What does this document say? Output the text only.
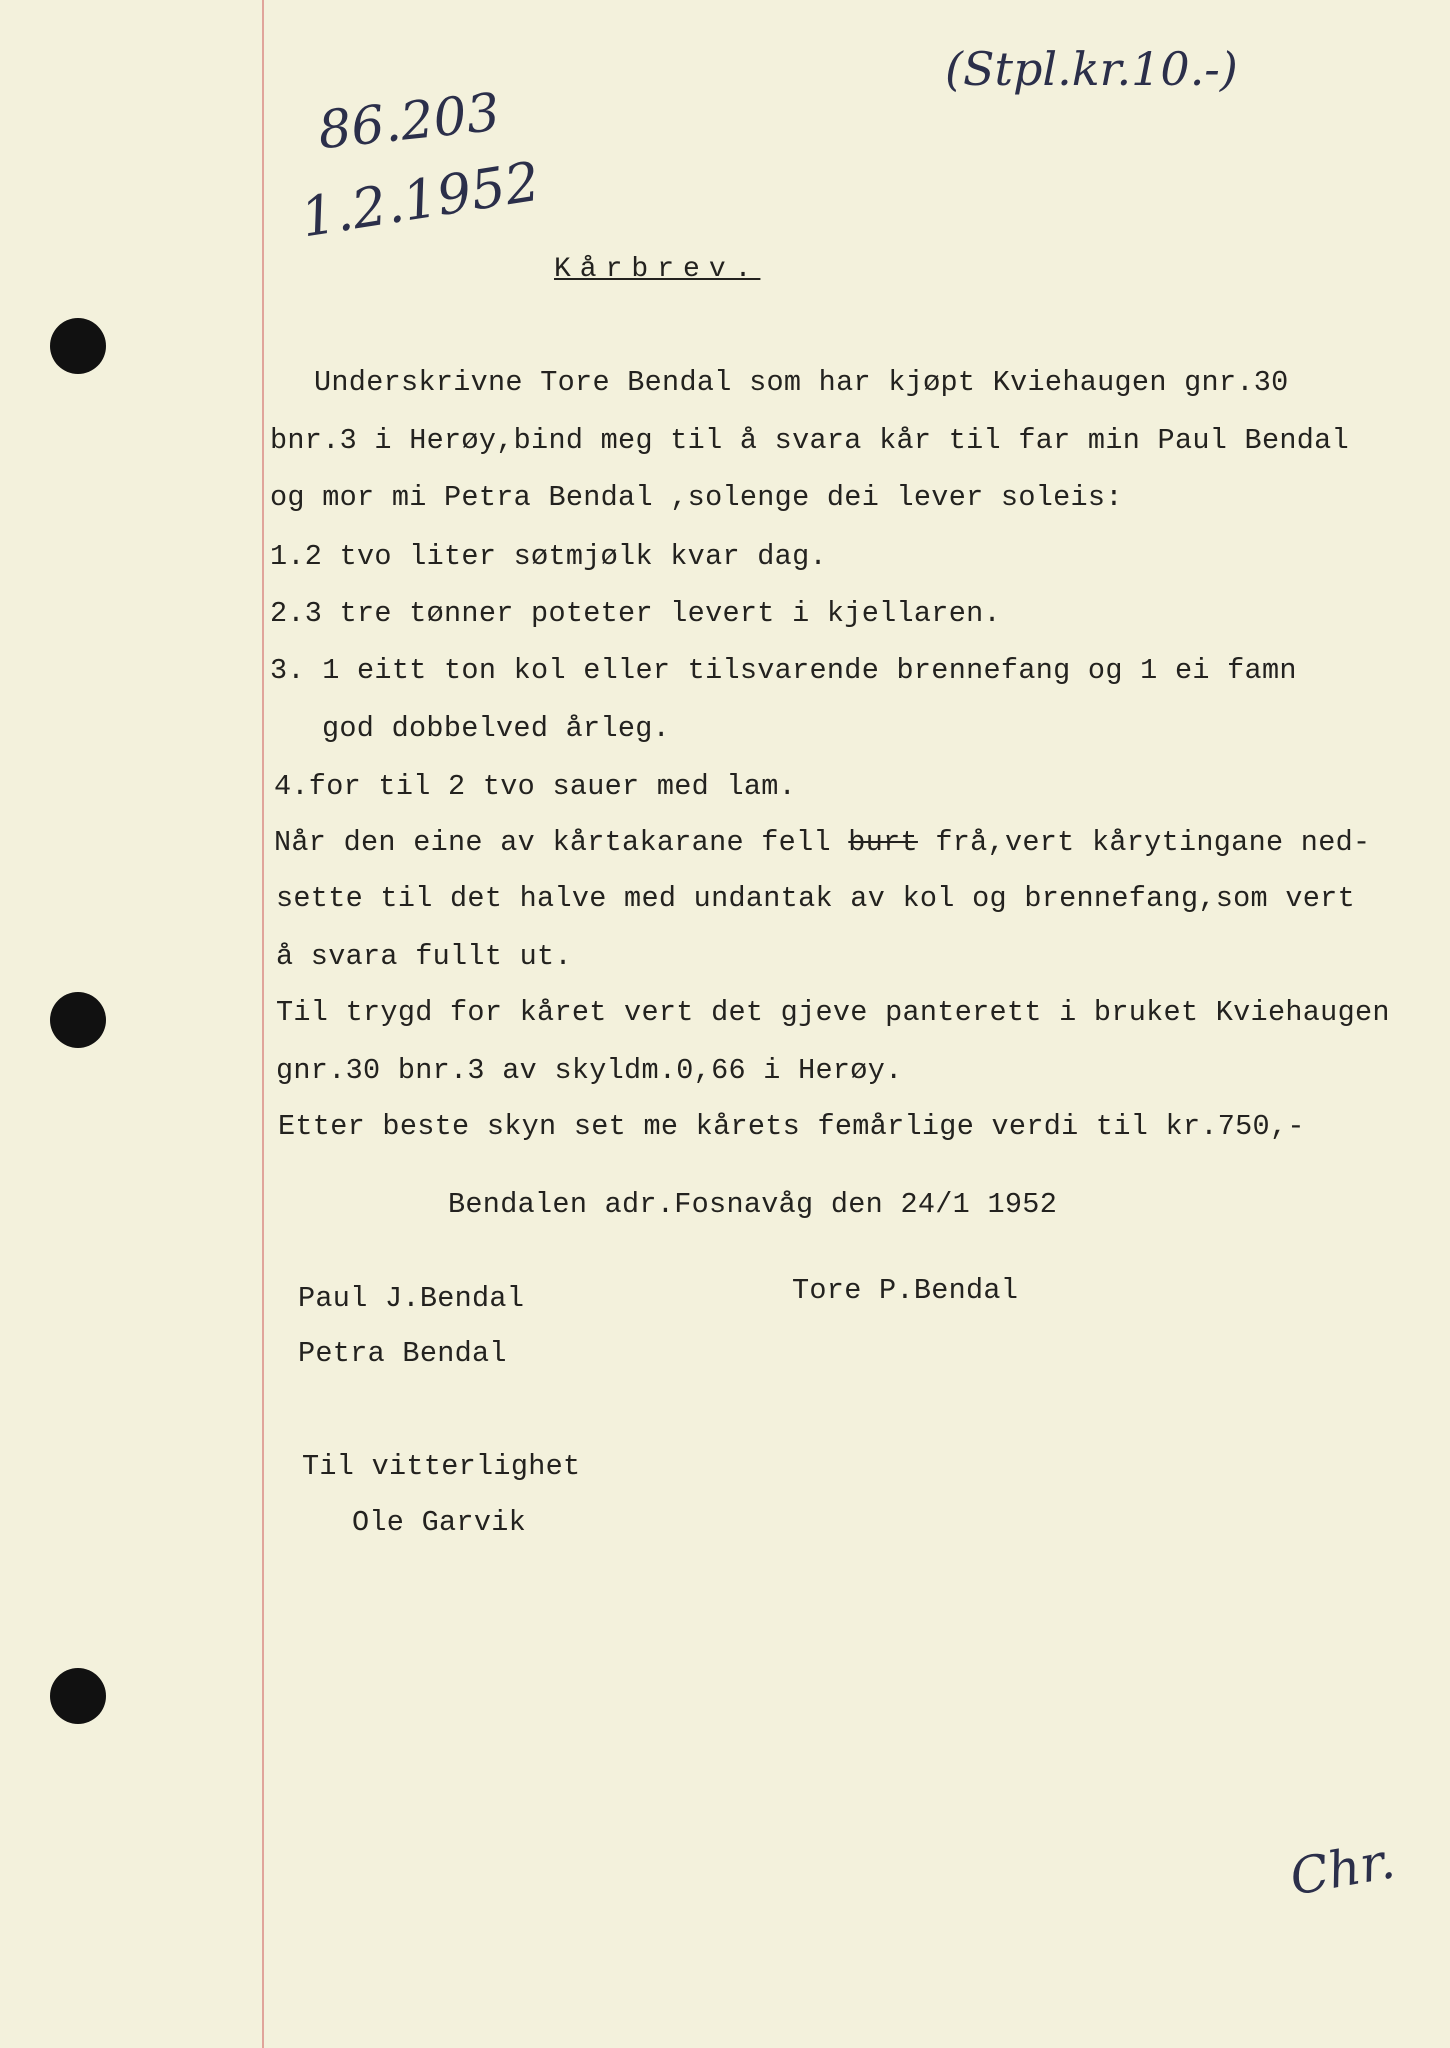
86.203
1.2.1952
(Stpl.kr.10.-)
Kårbrev.
Underskrivne Tore Bendal som har kjøpt Kviehaugen gnr.30
bnr.3 i Herøy,bind meg til å svara kår til far min Paul Bendal
og mor mi Petra Bendal ,solenge dei lever soleis:
1.2 tvo liter søtmjølk kvar dag.
2.3 tre tønner poteter levert i kjellaren.
3. 1 eitt ton kol eller tilsvarende brennefang og 1 ei famn
god dobbelved årleg.
4.for til 2 tvo sauer med lam.
Når den eine av kårtakarane fell burt frå,vert kårytingane ned-
sette til det halve med undantak av kol og brennefang,som vert
å svara fullt ut.
Til trygd for kåret vert det gjeve panterett i bruket Kviehaugen
gnr.30 bnr.3 av skyldm.0,66 i Herøy.
Etter beste skyn set me kårets femårlige verdi til kr.750,-
Bendalen adr.Fosnavåg den 24/1 1952
Paul J.Bendal
Petra Bendal
Tore P.Bendal
Til vitterlighet
Ole Garvik
Chr.
